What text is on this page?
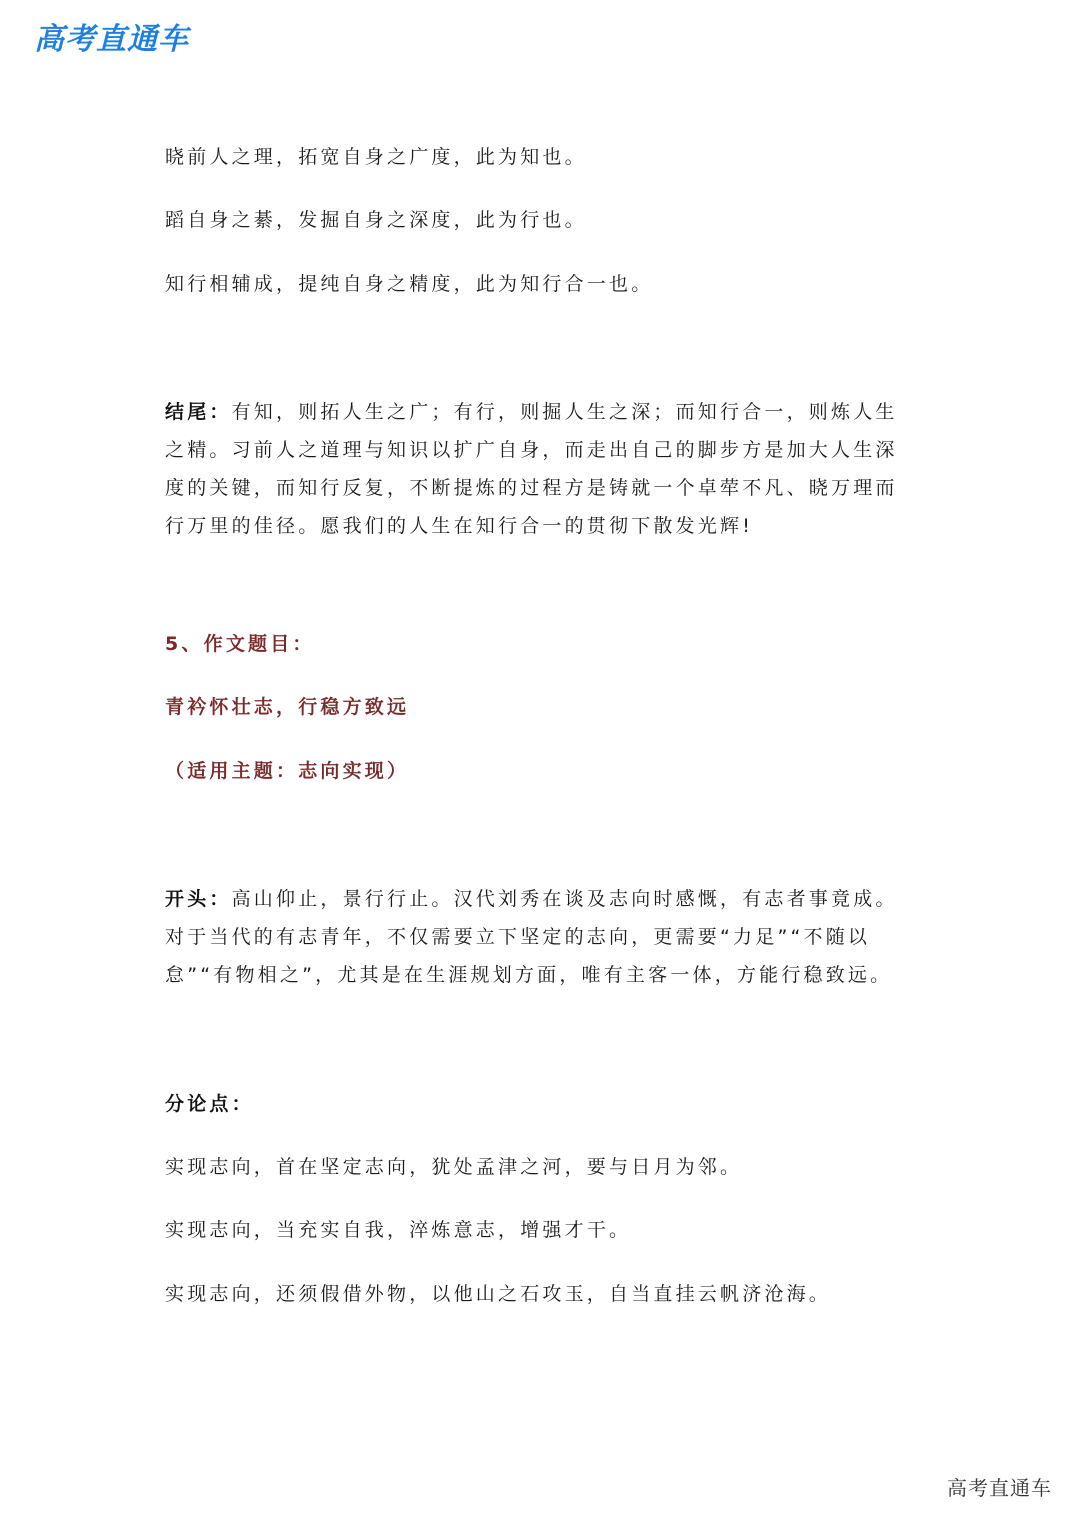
高考直通车
晓前人之理，拓宽自身之广度，此为知也。
蹈自身之綦，发掘自身之深度，此为行也。
知行相辅成，提纯自身之精度，此为知行合一也。
结尾：有知，则拓人生之广；有行，则掘人生之深；而知行合一，则炼人生
之精。习前人之道理与知识以扩广自身，而走出自己的脚步方是加大人生深
度的关键，而知行反复，不断提炼的过程方是铸就一个卓荦不凡、晓万理而
行万里的佳径。愿我们的人生在知行合一的贯彻下散发光辉!
5、作文题目：
青衿怀壮志，行稳方致远
（适用主题：志向实现）
开头：高山仰止，景行行止。汉代刘秀在谈及志向时感慨，有志者事竟成。
对于当代的有志青年，不仅需要立下坚定的志向，更需要“力足”“不随以
怠”“有物相之”，尤其是在生涯规划方面，唯有主客一体，方能行稳致远。
分论点：
实现志向，首在坚定志向，犹处孟津之河，要与日月为邻。
实现志向，当充实自我，淬炼意志，增强才干。
实现志向，还须假借外物，以他山之石攻玉，自当直挂云帆济沧海。
高考直通车
